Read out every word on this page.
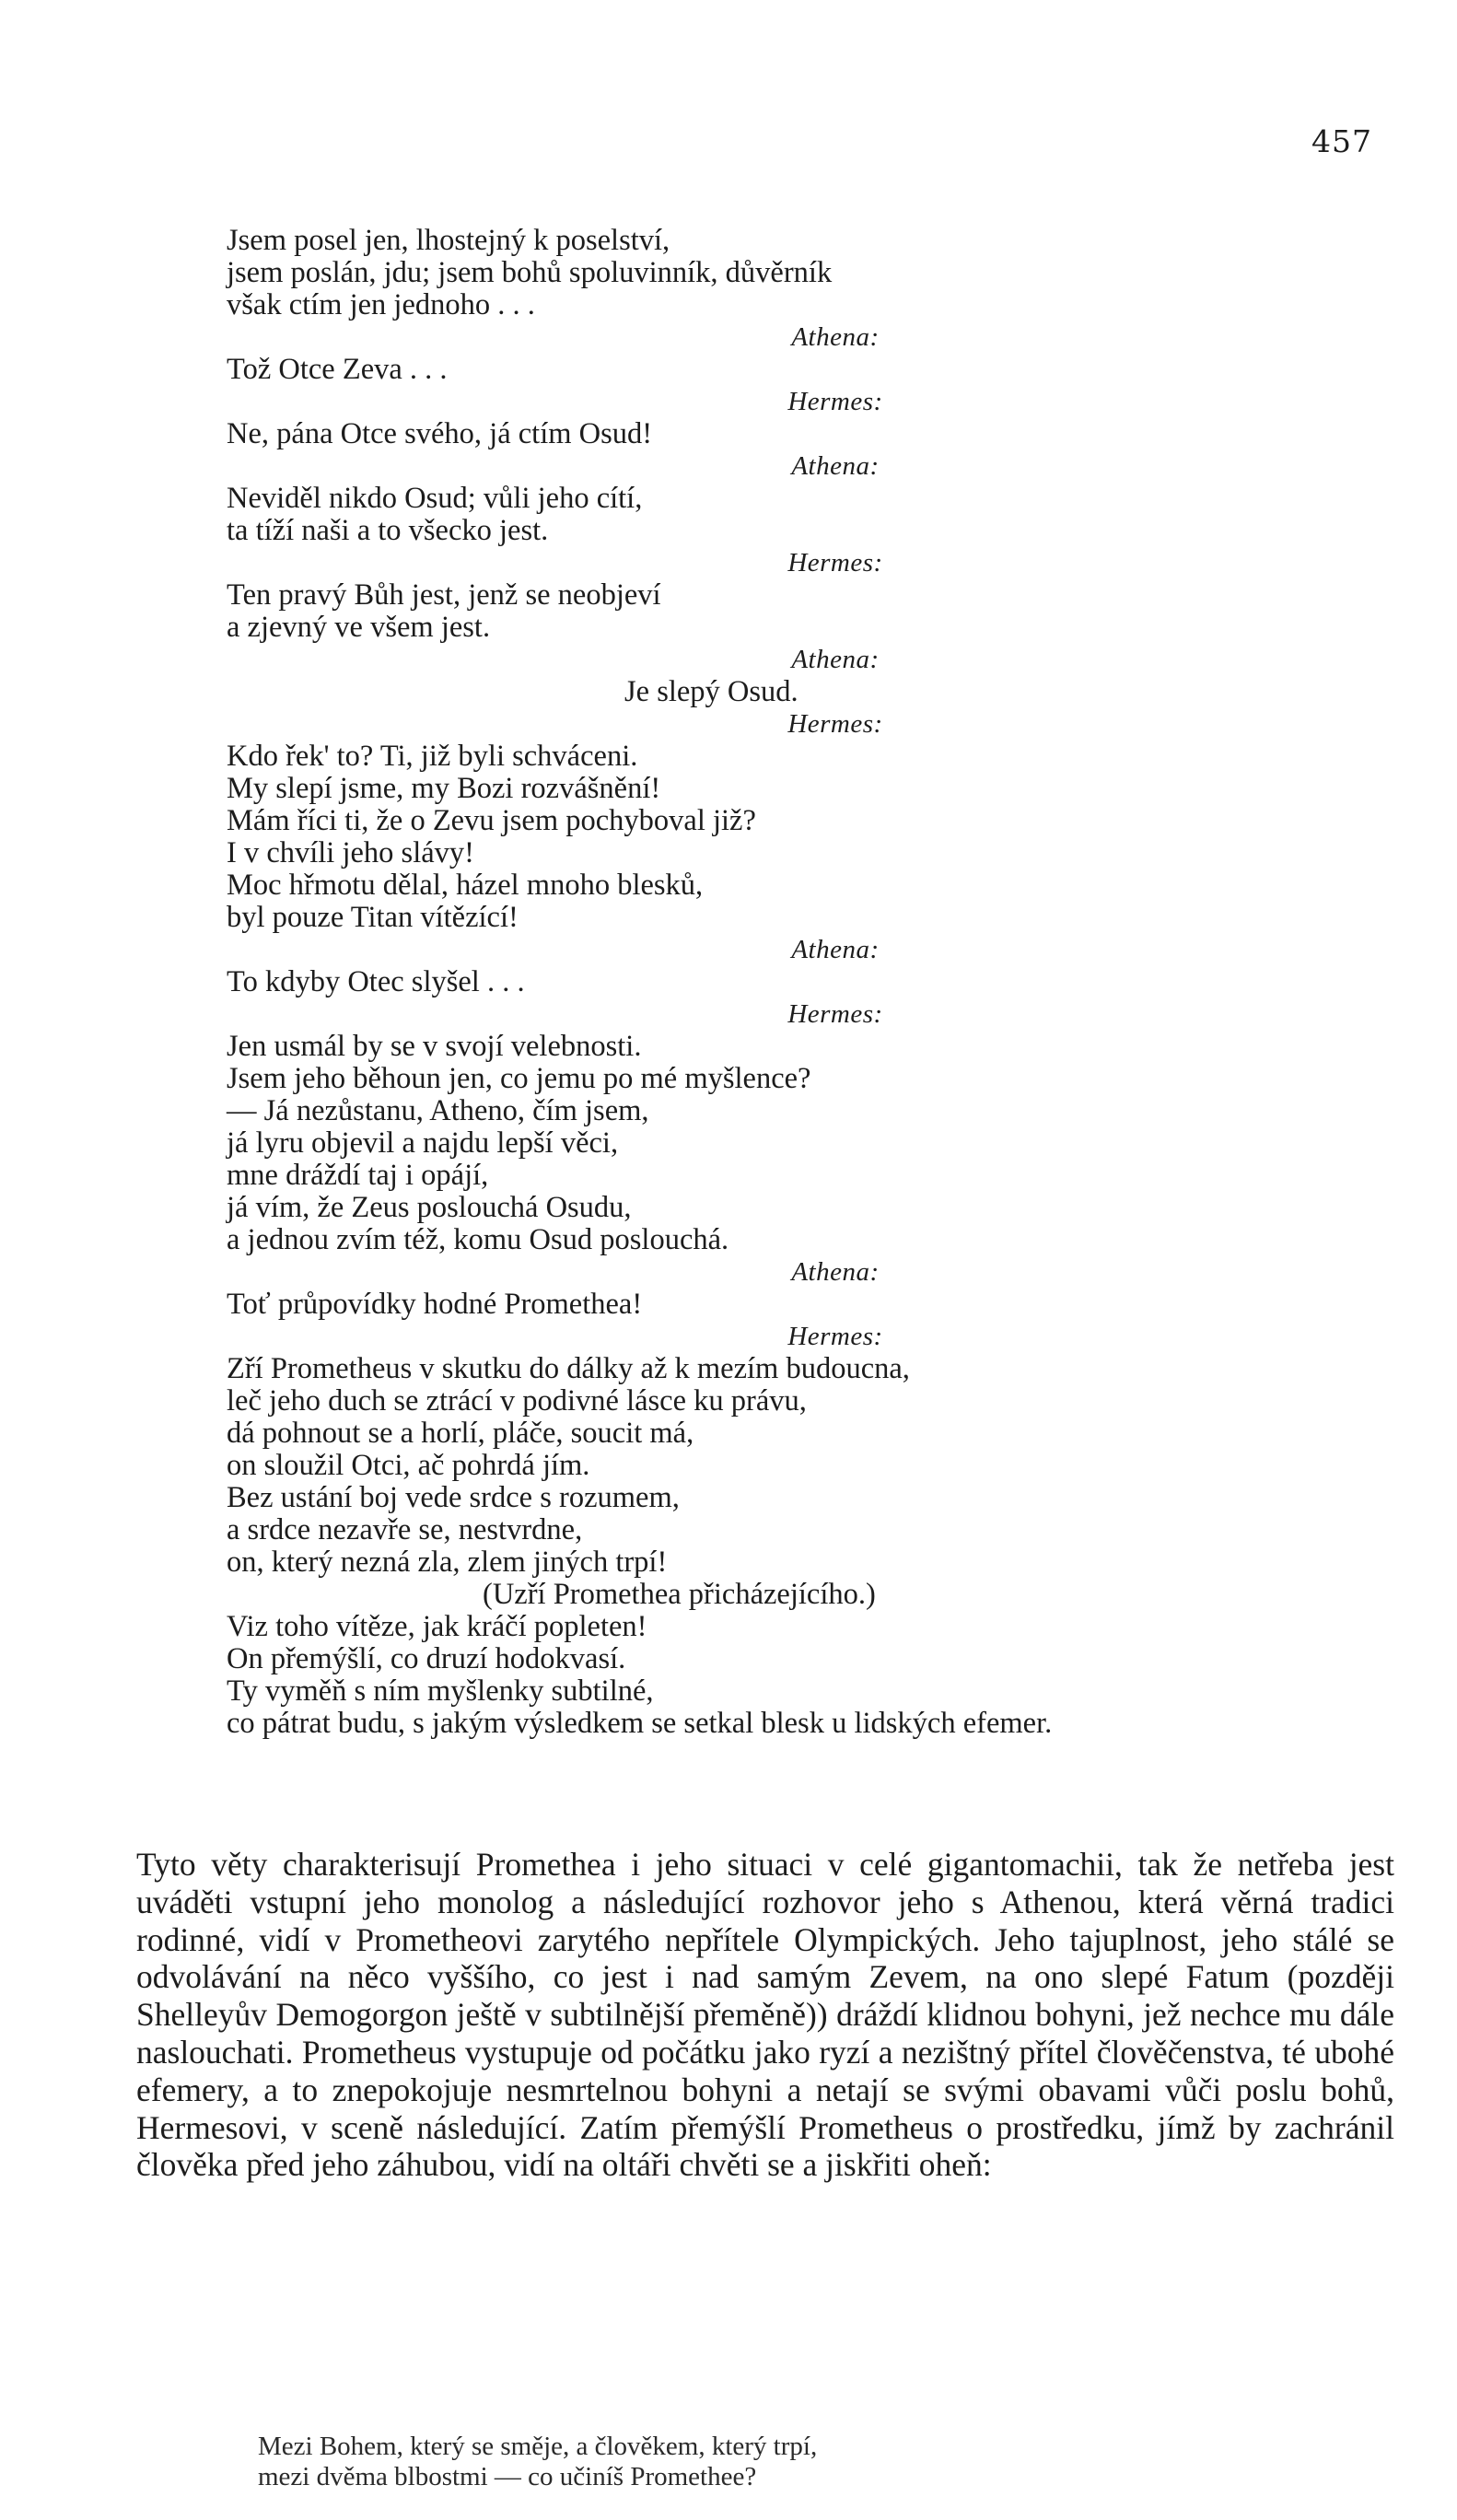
457
Jsem posel jen, lhostejný k poselství,
jsem poslán, jdu; jsem bohů spoluvinník, důvěrník
však ctím jen jednoho . . .
Athena:
Tož Otce Zeva . . .
Hermes:
Ne, pána Otce svého, já ctím Osud!
Athena:
Neviděl nikdo Osud; vůli jeho cítí,
ta tíží naši a to všecko jest.
Hermes:
Ten pravý Bůh jest, jenž se neobjeví
a zjevný ve všem jest.
Athena:
Je slepý Osud.
Hermes:
Kdo řek' to? Ti, již byli schváceni.
My slepí jsme, my Bozi rozvášnění!
Mám říci ti, že o Zevu jsem pochyboval již?
I v chvíli jeho slávy!
Moc hřmotu dělal, házel mnoho blesků,
byl pouze Titan vítězící!
Athena:
To kdyby Otec slyšel . . .
Hermes:
Jen usmál by se v svojí velebnosti.
Jsem jeho běhoun jen, co jemu po mé myšlence?
— Já nezůstanu, Atheno, čím jsem,
já lyru objevil a najdu lepší věci,
mne dráždí taj i opájí,
já vím, že Zeus poslouchá Osudu,
a jednou zvím též, komu Osud poslouchá.
Athena:
Toť průpovídky hodné Promethea!
Hermes:
Zří Prometheus v skutku do dálky až k mezím budoucna,
leč jeho duch se ztrácí v podivné lásce ku právu,
dá pohnout se a horlí, pláče, soucit má,
on sloužil Otci, ač pohrdá jím.
Bez ustání boj vede srdce s rozumem,
a srdce nezavře se, nestvrdne,
on, který nezná zla, zlem jiných trpí!
(Uzří Promethea přicházejícího.)
Viz toho vítěze, jak kráčí popleten!
On přemýšlí, co druzí hodokvasí.
Ty vyměň s ním myšlenky subtilné,
co pátrat budu, s jakým výsledkem se setkal blesk u lidských efemer.

Tyto věty charakterisují Promethea i jeho situaci v celé gigantomachii, tak že netřeba jest uváděti vstupní jeho monolog a následující rozhovor jeho s Athenou, která věrná tradici rodinné, vidí v Prometheovi zarytého nepřítele Olympických. Jeho tajuplnost, jeho stálé se odvolávání na něco vyššího, co jest i nad samým Zevem, na ono slepé Fatum (později Shelleyův Demogorgon ještě v subtilnější přeměně)) dráždí klidnou bohyni, jež nechce mu dále naslouchati. Prometheus vystupuje od počátku jako ryzí a nezištný přítel člověčenstva, té ubohé efemery, a to znepokojuje nesmrtelnou bohyni a netají se svými obavami vůči poslu bohů, Hermesovi, v sceně následující. Zatím přemýšlí Prometheus o prostředku, jímž by zachránil člověka před jeho záhubou, vidí na oltáři chvěti se a jiskřiti oheň:

Mezi Bohem, který se směje, a člověkem, který trpí,
mezi dvěma blbostmi — co učiníš Promethee?
